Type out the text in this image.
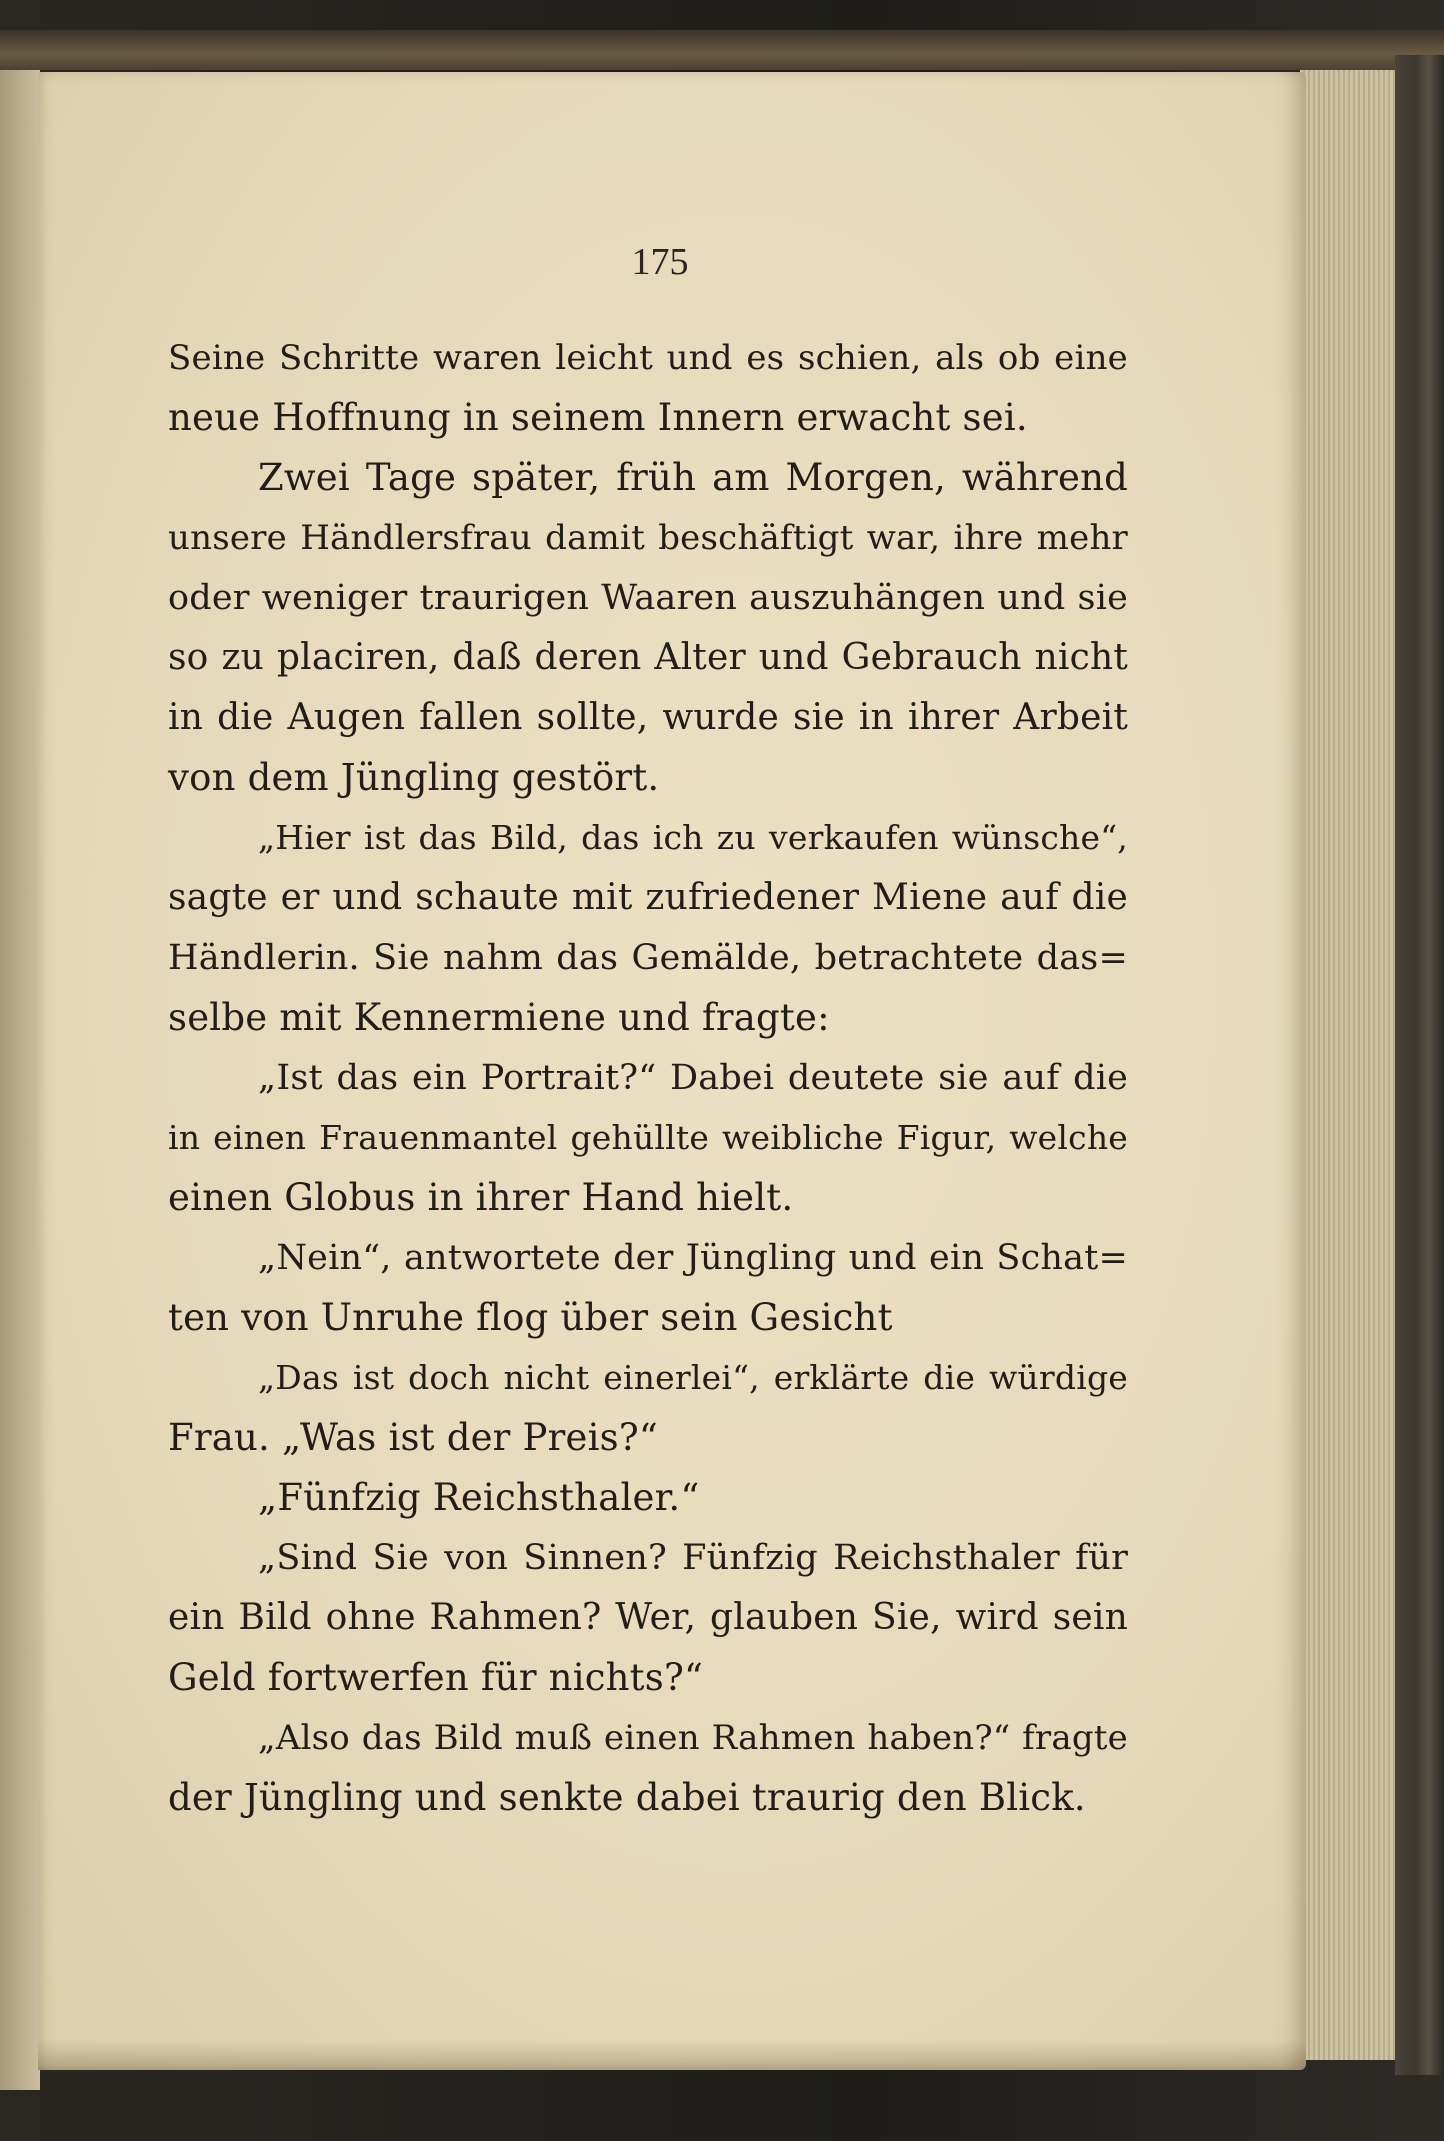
175
Seine Schritte waren leicht und es schien, als ob eine
neue Hoffnung in seinem Innern erwacht sei.
Zwei Tage später, früh am Morgen, während
unsere Händlersfrau damit beschäftigt war, ihre mehr
oder weniger traurigen Waaren auszuhängen und sie
so zu placiren, daß deren Alter und Gebrauch nicht
in die Augen fallen sollte, wurde sie in ihrer Arbeit
von dem Jüngling gestört.
„Hier ist das Bild, das ich zu verkaufen wünsche“,
sagte er und schaute mit zufriedener Miene auf die
Händlerin. Sie nahm das Gemälde, betrachtete das=
selbe mit Kennermiene und fragte:
„Ist das ein Portrait?“ Dabei deutete sie auf die
in einen Frauenmantel gehüllte weibliche Figur, welche
einen Globus in ihrer Hand hielt.
„Nein“, antwortete der Jüngling und ein Schat=
ten von Unruhe flog über sein Gesicht
„Das ist doch nicht einerlei“, erklärte die würdige
Frau. „Was ist der Preis?“
„Fünfzig Reichsthaler.“
„Sind Sie von Sinnen? Fünfzig Reichsthaler für
ein Bild ohne Rahmen? Wer, glauben Sie, wird sein
Geld fortwerfen für nichts?“
„Also das Bild muß einen Rahmen haben?“ fragte
der Jüngling und senkte dabei traurig den Blick.
